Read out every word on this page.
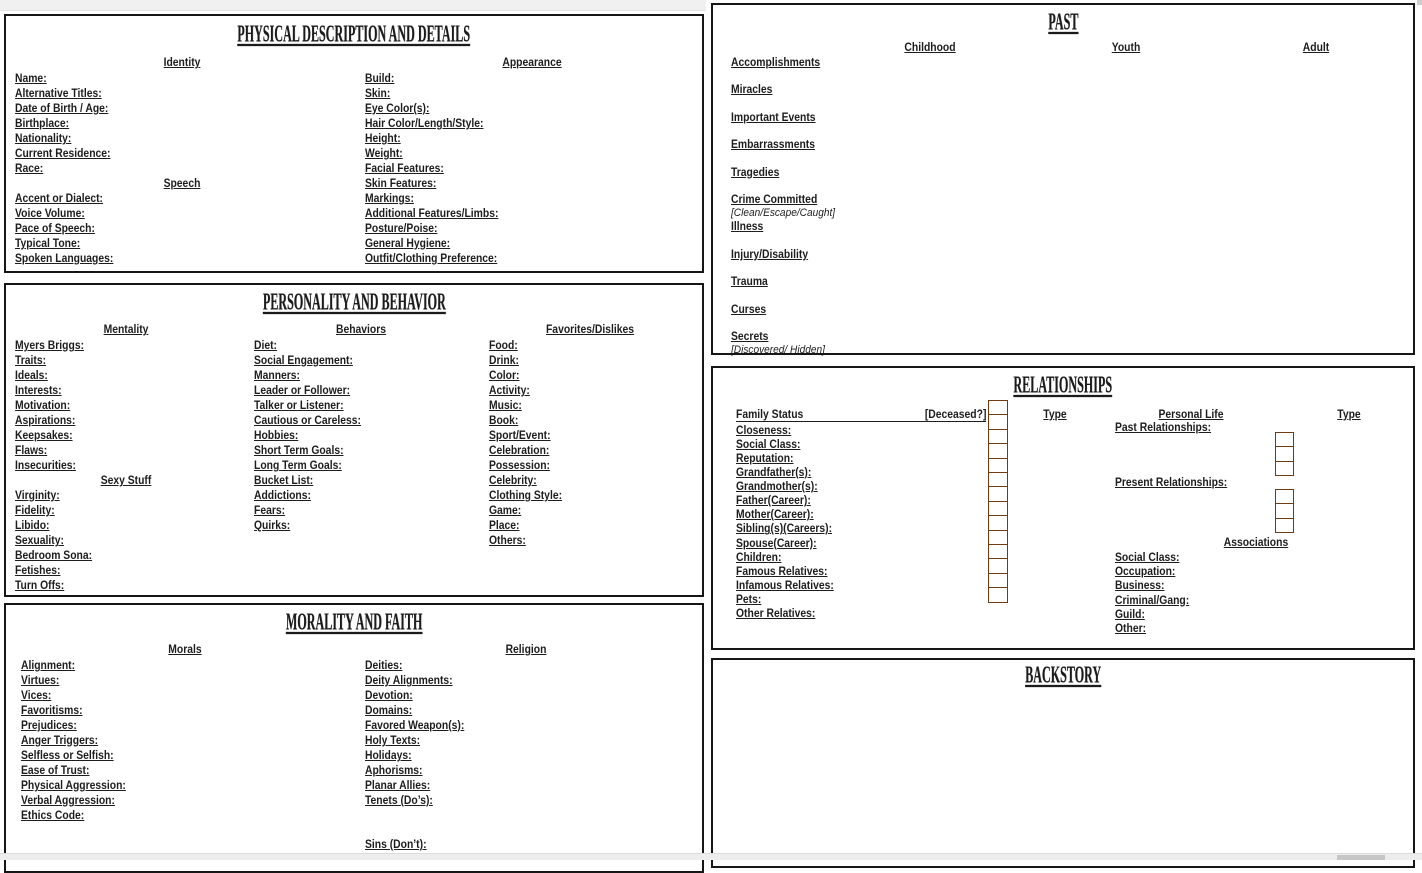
PHYSICAL DESCRIPTION AND DETAILS
Identity
Name:
Alternative Titles:
Date of Birth / Age:
Birthplace:
Nationality:
Current Residence:
Race:
Speech
Accent or Dialect:
Voice Volume:
Pace of Speech:
Typical Tone:
Spoken Languages:
Appearance
Build:
Skin:
Eye Color(s):
Hair Color/Length/Style:
Height:
Weight:
Facial Features:
Skin Features:
Markings:
Additional Features/Limbs:
Posture/Poise:
General Hygiene:
Outfit/Clothing Preference:
PERSONALITY AND BEHAVIOR
Mentality
Myers Briggs:
Traits:
Ideals:
Interests:
Motivation:
Aspirations:
Keepsakes:
Flaws:
Insecurities:
Sexy Stuff
Virginity:
Fidelity:
Libido:
Sexuality:
Bedroom Sona:
Fetishes:
Turn Offs:
Behaviors
Diet:
Social Engagement:
Manners:
Leader or Follower:
Talker or Listener:
Cautious or Careless:
Hobbies:
Short Term Goals:
Long Term Goals:
Bucket List:
Addictions:
Fears:
Quirks:
Favorites/Dislikes
Food:
Drink:
Color:
Activity:
Music:
Book:
Sport/Event:
Celebration:
Possession:
Celebrity:
Clothing Style:
Game:
Place:
Others:
MORALITY AND FAITH
Morals
Alignment:
Virtues:
Vices:
Favoritisms:
Prejudices:
Anger Triggers:
Selfless or Selfish:
Ease of Trust:
Physical Aggression:
Verbal Aggression:
Ethics Code:
Religion
Deities:
Deity Alignments:
Devotion:
Domains:
Favored Weapon(s):
Holy Texts:
Holidays:
Aphorisms:
Planar Allies:
Tenets (Do’s):
Sins (Don’t):
PAST
Childhood	Youth	Adult
Accomplishments
Miracles
Important Events
Embarrassments
Tragedies
Crime Committed
[Clean/Escape/Caught]
Illness
Injury/Disability
Trauma
Curses
Secrets
[Discovered/ Hidden]
RELATIONSHIPS
Family Status	[Deceased?]
Closeness:
Social Class:
Reputation:
Grandfather(s):
Grandmother(s):
Father(Career):
Mother(Career):
Sibling(s)(Careers):
Spouse(Career):
Children:
Famous Relatives:
Infamous Relatives:
Pets:
Other Relatives:
Type	Personal Life	Type
Past Relationships:
Present Relationships:
Associations
Social Class:
Occupation:
Business:
Criminal/Gang:
Guild:
Other:
BACKSTORY
